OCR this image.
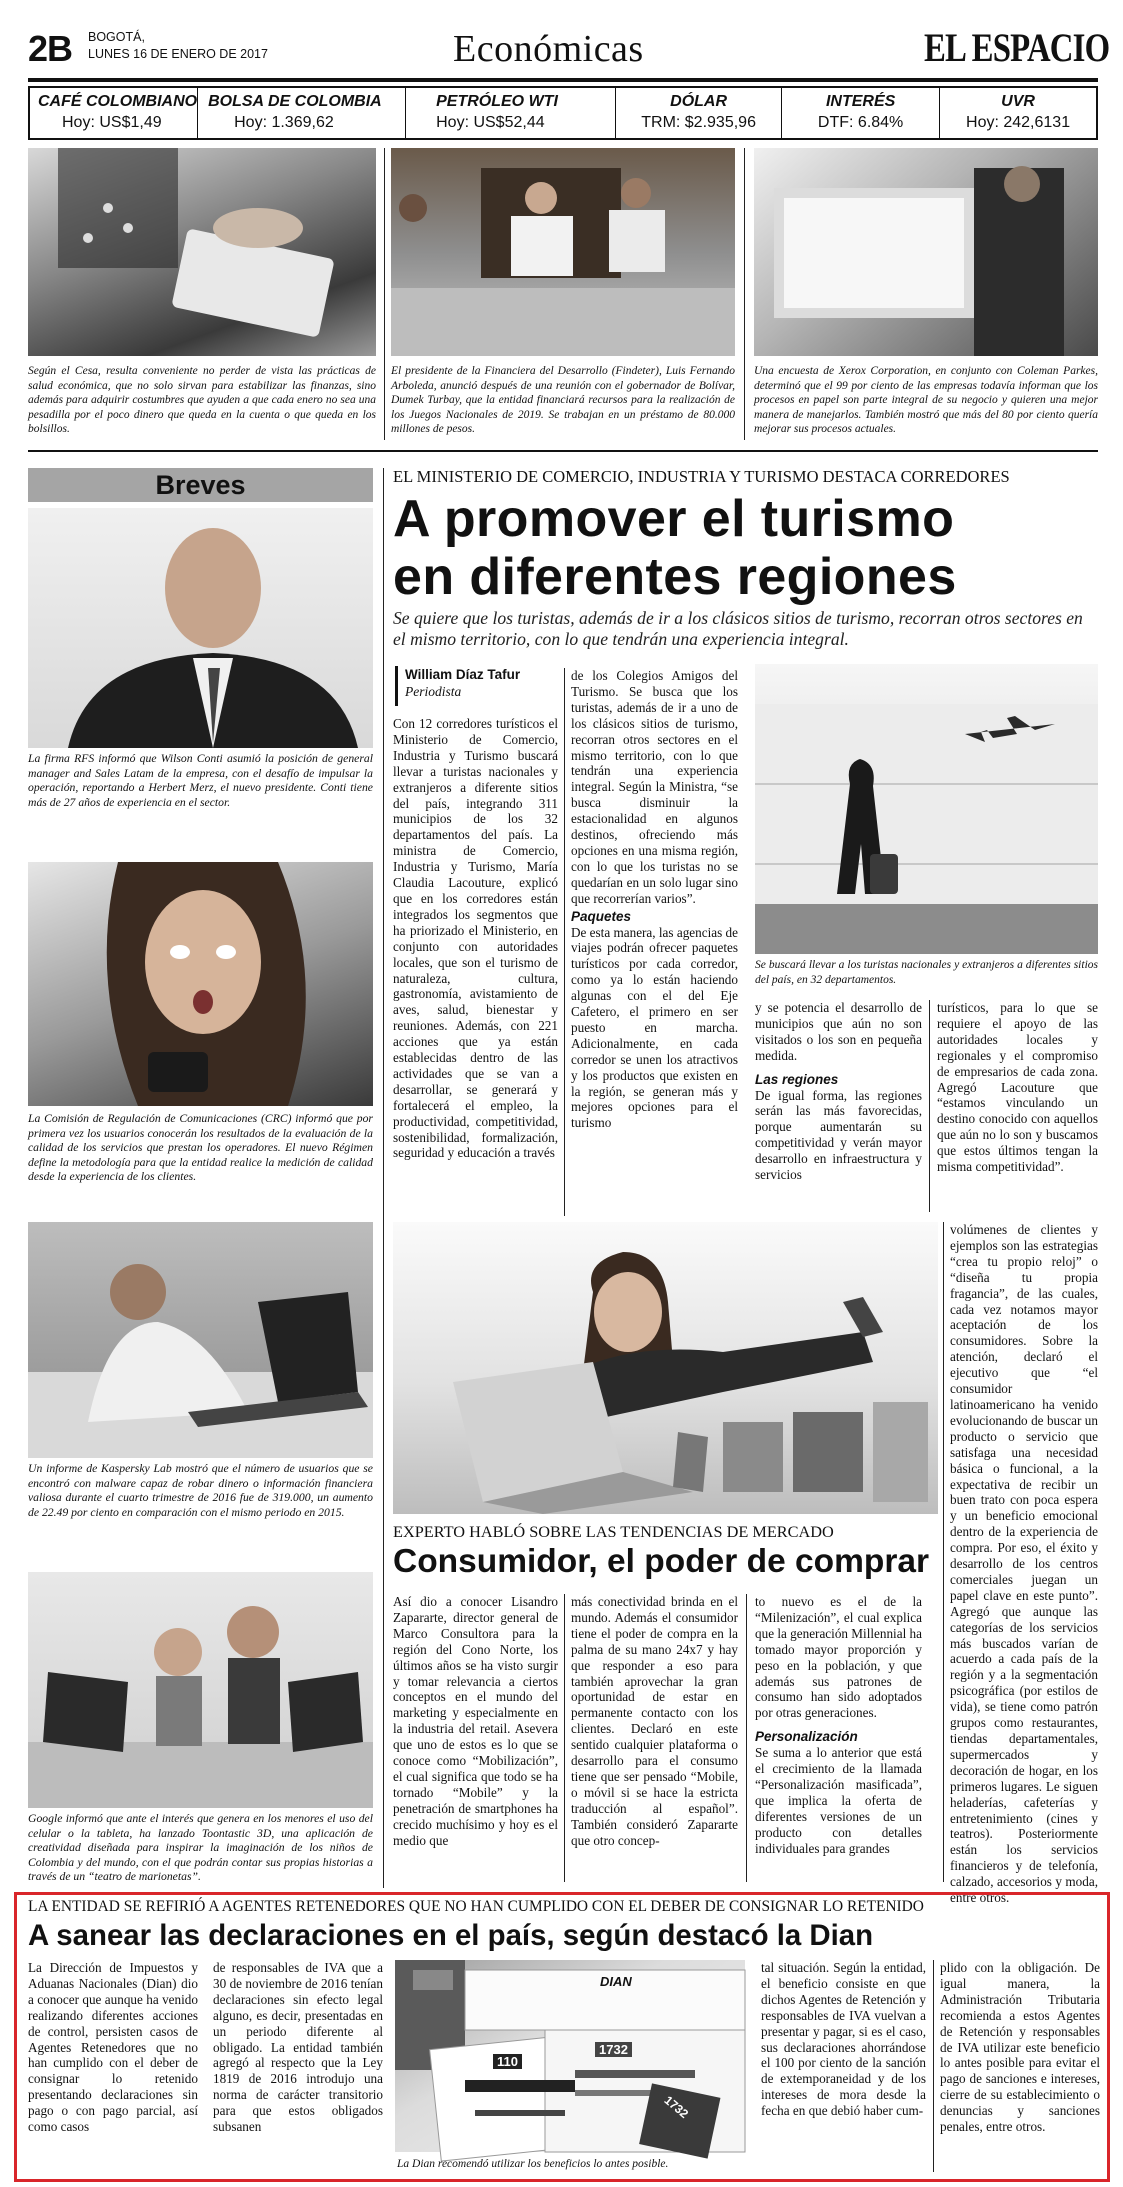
2B BOGOTÁ,
LUNES 16 DE ENERO DE 2017	Económicas	EL ESPACIO
CAFÉ COLOMBIANO
Hoy: US$1,49
BOLSA DE COLOMBIA
Hoy: 1.369,62
PETRÓLEO WTI
Hoy: US$52,44
DÓLAR
TRM: $2.935,96
INTERÉS
DTF: 6.84%
UVR
Hoy: 242,6131
Según el Cesa, resulta conveniente no perder de vista las prácticas de salud económica, que no solo sirvan para estabilizar las finanzas, sino además para adquirir costumbres que ayuden a que cada enero no sea una pesadilla por el poco dinero que queda en la cuenta o que queda en los bolsillos.
El presidente de la Financiera del Desarrollo (Findeter), Luis Fernando Arboleda, anunció después de una reunión con el gobernador de Bolívar, Dumek Turbay, que la entidad financiará recursos para la realización de los Juegos Nacionales de 2019. Se trabajan en un préstamo de 80.000 millones de pesos.
Una encuesta de Xerox Corporation, en conjunto con Coleman Parkes, determinó que el 99 por ciento de las empresas todavía informan que los procesos en papel son parte integral de su negocio y quieren una mejor manera de manejarlos. También mostró que más del 80 por ciento quería mejorar sus procesos actuales.
Breves
La firma RFS informó que Wilson Conti asumió la posición de general manager and Sales Latam de la empresa, con el desafío de impulsar la operación, reportando a Herbert Merz, el nuevo presidente. Conti tiene más de 27 años de experiencia en el sector.
La Comisión de Regulación de Comunicaciones (CRC) informó que por primera vez los usuarios conocerán los resultados de la evaluación de la calidad de los servicios que prestan los operadores. El nuevo Régimen define la metodología para que la entidad realice la medición de calidad desde la experiencia de los clientes.
Un informe de Kaspersky Lab mostró que el número de usuarios que se encontró con malware capaz de robar dinero o información financiera valiosa durante el cuarto trimestre de 2016 fue de 319.000, un aumento de 22.49 por ciento en comparación con el mismo periodo en 2015.
Google informó que ante el interés que genera en los menores el uso del celular o la tableta, ha lanzado Toontastic 3D, una aplicación de creatividad diseñada para inspirar la imaginación de los niños de Colombia y del mundo, con el que podrán contar sus propias historias a través de un “teatro de marionetas”.
EL MINISTERIO DE COMERCIO, INDUSTRIA Y TURISMO DESTACA CORREDORES
A promover el turismo
en diferentes regiones
Se quiere que los turistas, además de ir a los clásicos sitios de turismo, recorran otros sectores en el mismo territorio, con lo que tendrán una experiencia integral.
William Díaz Tafur
Periodista

Con 12 corredores turísticos el Ministerio de Comercio, Industria y Turismo buscará llevar a turistas nacionales y extranjeros a diferente sitios del país, integrando 311 municipios de los 32 departamentos del país. La ministra de Comercio, Industria y Turismo, María Claudia Lacouture, explicó que en los corredores están integrados los segmentos que ha priorizado el Ministerio, en conjunto con autoridades locales, que son el turismo de naturaleza, cultura, gastronomía, avistamiento de aves, salud, bienestar y reuniones. Además, con 221 acciones que ya están establecidas dentro de las actividades que se van a desarrollar, se generará y fortalecerá el empleo, la productividad, competitividad, sostenibilidad, formalización, seguridad y educación a través

de los Colegios Amigos del Turismo. Se busca que los turistas, además de ir a uno de los clásicos sitios de turismo, recorran otros sectores en el mismo territorio, con lo que tendrán una experiencia integral. Según la Ministra, “se busca disminuir la estacionalidad en algunos destinos, ofreciendo más opciones en una misma región, con lo que los turistas no se quedarían en un solo lugar sino que recorrerían varios”.

Paquetes

De esta manera, las agencias de viajes podrán ofrecer paquetes turísticos por cada corredor, como ya lo están haciendo algunas con el del Eje Cafetero, el primero en ser puesto en marcha. Adicionalmente, en cada corredor se unen los atractivos y los productos que existen en la región, se generan más y mejores opciones para el turismo

Se buscará llevar a los turistas nacionales y extranjeros a diferentes sitios del país, en 32 departamentos.

y se potencia el desarrollo de municipios que aún no son visitados o los son en pequeña medida.

Las regiones

De igual forma, las regiones serán las más favorecidas, porque aumentarán su competitividad y verán mayor desarrollo en infraestructura y servicios

turísticos, para lo que se requiere el apoyo de las autoridades locales y regionales y el compromiso de empresarios de cada zona. Agregó Lacouture que “estamos vinculando un destino conocido con aquellos que aún no lo son y buscamos que estos últimos tengan la misma competitividad”.

EXPERTO HABLÓ SOBRE LAS TENDENCIAS DE MERCADO
Consumidor, el poder de comprar

Así dio a conocer Lisandro Zapararte, director general de Marco Consultora para la región del Cono Norte, los últimos años se ha visto surgir y tomar relevancia a ciertos conceptos en el mundo del marketing y especialmente en la industria del retail. Asevera que uno de estos es lo que se conoce como “Mobilización”, el cual significa que todo se ha tornado “Mobile” y la penetración de smartphones ha crecido muchísimo y hoy es el medio que

más conectividad brinda en el mundo. Además el consumidor tiene el poder de compra en la palma de su mano 24x7 y hay que responder a eso para también aprovechar la gran oportunidad de estar en permanente contacto con los clientes. Declaró en este sentido cualquier plataforma o desarrollo para el consumo tiene que ser pensado “Mobile, o móvil si se hace la estricta traducción al español”. También consideró Zapararte que otro concep-

to nuevo es el de la “Milenización”, el cual explica que la generación Millennial ha tomado mayor proporción y peso en la población, y que además sus patrones de consumo han sido adoptados por otras generaciones.

Personalización

Se suma a lo anterior que está el crecimiento de la llamada “Personalización masificada”, que implica la oferta de diferentes versiones de un producto con detalles individuales para grandes

volúmenes de clientes y ejemplos son las estrategias “crea tu propio reloj” o “diseña tu propia fragancia”, de las cuales, cada vez notamos mayor aceptación de los consumidores. Sobre la atención, declaró el ejecutivo que “el consumidor latinoamericano ha venido evolucionando de buscar un producto o servicio que satisfaga una necesidad básica o funcional, a la expectativa de recibir un buen trato con poca espera y un beneficio emocional dentro de la experiencia de compra. Por eso, el éxito y desarrollo de los centros comerciales juegan un papel clave en este punto”. Agregó que aunque las categorías de los servicios más buscados varían de acuerdo a cada país de la región y a la segmentación psicográfica (por estilos de vida), se tiene como patrón grupos como restaurantes, tiendas departamentales, supermercados y decoración de hogar, en los primeros lugares. Le siguen heladerías, cafeterías y entretenimiento (cines y teatros). Posteriormente están los servicios financieros y de telefonía, calzado, accesorios y moda, entre otros.

LA ENTIDAD SE REFIRIÓ A AGENTES RETENEDORES QUE NO HAN CUMPLIDO CON EL DEBER DE CONSIGNAR LO RETENIDO
A sanear las declaraciones en el país, según destacó la Dian

La Dirección de Impuestos y Aduanas Nacionales (Dian) dio a conocer que aunque ha venido realizando diferentes acciones de control, persisten casos de Agentes Retenedores que no han cumplido con el deber de consignar lo retenido presentando declaraciones sin pago o con pago parcial, así como casos

de responsables de IVA que a 30 de noviembre de 2016 tenían declaraciones sin efecto legal alguno, es decir, presentadas en un periodo diferente al obligado. La entidad también agregó al respecto que la Ley 1819 de 2016 introdujo una norma de carácter transitorio para que estos obligados subsanen

DIAN
110
1732
1732
La Dian recomendó utilizar los beneficios lo antes posible.

tal situación. Según la entidad, el beneficio consiste en que dichos Agentes de Retención y responsables de IVA vuelvan a presentar y pagar, si es el caso, sus declaraciones ahorrándose el 100 por ciento de la sanción de extemporaneidad y de los intereses de mora desde la fecha en que debió haber cum-

plido con la obligación. De igual manera, la Administración Tributaria recomienda a estos Agentes de Retención y responsables de IVA utilizar este beneficio lo antes posible para evitar el pago de sanciones e intereses, cierre de su establecimiento o denuncias y sanciones penales, entre otros.
